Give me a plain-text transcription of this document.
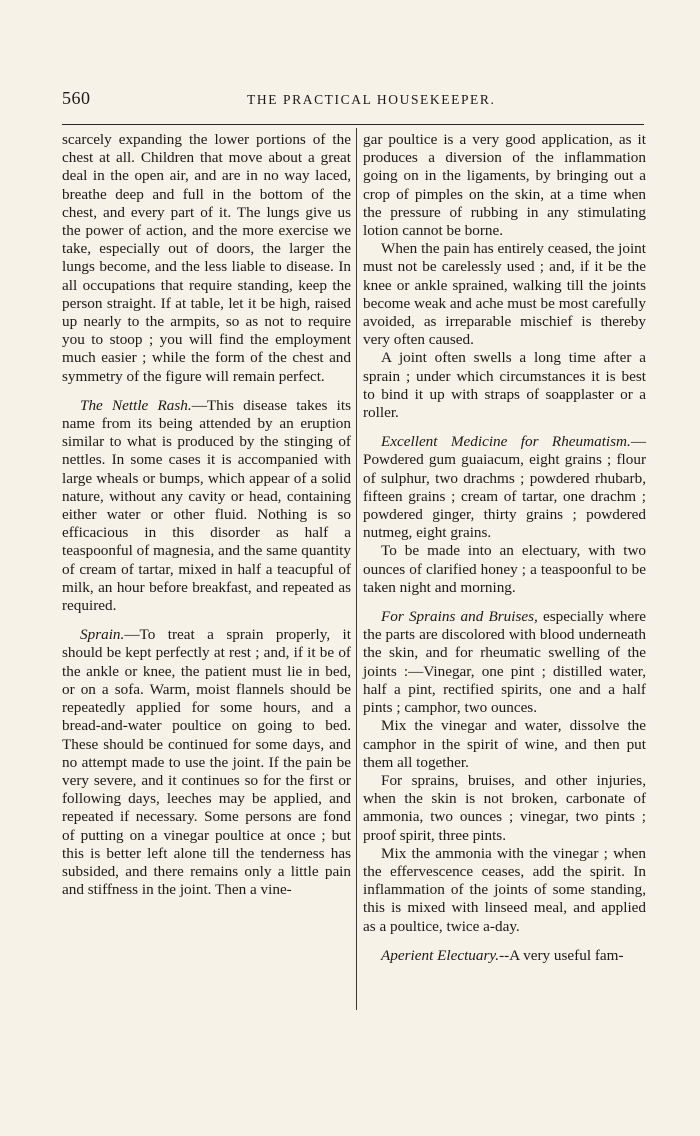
560	THE PRACTICAL HOUSEKEEPER.

scarcely expanding the lower portions of the chest at all. Children that move about a great deal in the open air, and are in no way laced, breathe deep and full in the bottom of the chest, and every part of it. The lungs give us the power of action, and the more exercise we take, especially out of doors, the larger the lungs become, and the less liable to disease. In all occupations that require standing, keep the person straight. If at table, let it be high, raised up nearly to the armpits, so as not to require you to stoop ; you will find the employment much easier ; while the form of the chest and symmetry of the figure will remain perfect.

The Nettle Rash.—This disease takes its name from its being attended by an eruption similar to what is produced by the stinging of nettles. In some cases it is accompanied with large wheals or bumps, which appear of a solid nature, without any cavity or head, containing either water or other fluid. Nothing is so efficacious in this disorder as half a teaspoonful of magnesia, and the same quantity of cream of tartar, mixed in half a teacupful of milk, an hour before breakfast, and repeated as required.

Sprain.—To treat a sprain properly, it should be kept perfectly at rest ; and, if it be of the ankle or knee, the patient must lie in bed, or on a sofa. Warm, moist flannels should be repeatedly applied for some hours, and a bread-and-water poultice on going to bed. These should be continued for some days, and no attempt made to use the joint. If the pain be very severe, and it continues so for the first or following days, leeches may be applied, and repeated if necessary. Some persons are fond of putting on a vinegar poultice at once ; but this is better left alone till the tenderness has subsided, and there remains only a little pain and stiffness in the joint. Then a vine-

gar poultice is a very good application, as it produces a diversion of the inflammation going on in the ligaments, by bringing out a crop of pimples on the skin, at a time when the pressure of rubbing in any stimulating lotion cannot be borne.

When the pain has entirely ceased, the joint must not be carelessly used ; and, if it be the knee or ankle sprained, walking till the joints become weak and ache must be most carefully avoided, as irreparable mischief is thereby very often caused.

A joint often swells a long time after a sprain ; under which circumstances it is best to bind it up with straps of soapplaster or a roller.

Excellent Medicine for Rheumatism.—Powdered gum guaiacum, eight grains ; flour of sulphur, two drachms ; powdered rhubarb, fifteen grains ; cream of tartar, one drachm ; powdered ginger, thirty grains ; powdered nutmeg, eight grains.

To be made into an electuary, with two ounces of clarified honey ; a teaspoonful to be taken night and morning.

For Sprains and Bruises, especially where the parts are discolored with blood underneath the skin, and for rheumatic swelling of the joints :—Vinegar, one pint ; distilled water, half a pint, rectified spirits, one and a half pints ; camphor, two ounces.

Mix the vinegar and water, dissolve the camphor in the spirit of wine, and then put them all together.

For sprains, bruises, and other injuries, when the skin is not broken, carbonate of ammonia, two ounces ; vinegar, two pints ; proof spirit, three pints.

Mix the ammonia with the vinegar ; when the effervescence ceases, add the spirit. In inflammation of the joints of some standing, this is mixed with linseed meal, and applied as a poultice, twice a-day.

Aperient Electuary.--A very useful fam-
